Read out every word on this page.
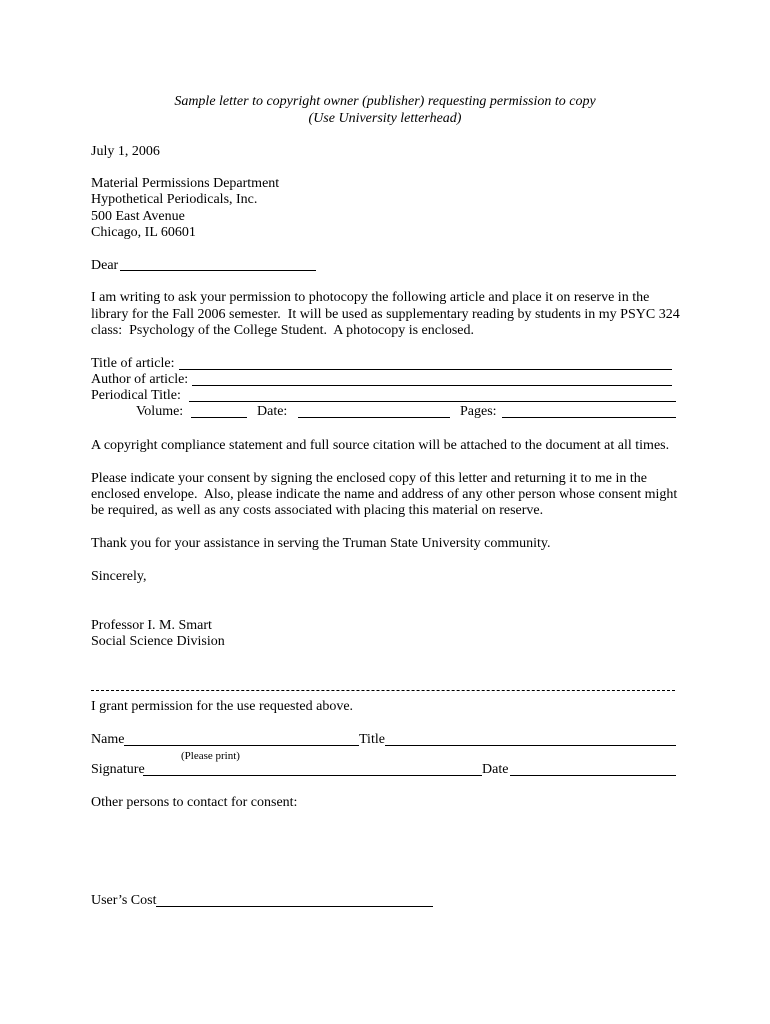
Sample letter to copyright owner (publisher) requesting permission to copy
(Use University letterhead)
July 1, 2006
Material Permissions Department
Hypothetical Periodicals, Inc.
500 East Avenue
Chicago, IL 60601
Dear
I am writing to ask your permission to photocopy the following article and place it on reserve in the
library for the Fall 2006 semester.  It will be used as supplementary reading by students in my PSYC 324
class:  Psychology of the College Student.  A photocopy is enclosed.
Title of article:
Author of article:
Periodical Title:
Volume:	Date:	Pages:
A copyright compliance statement and full source citation will be attached to the document at all times.
Please indicate your consent by signing the enclosed copy of this letter and returning it to me in the
enclosed envelope.  Also, please indicate the name and address of any other person whose consent might
be required, as well as any costs associated with placing this material on reserve.
Thank you for your assistance in serving the Truman State University community.
Sincerely,
Professor I. M. Smart
Social Science Division
I grant permission for the use requested above.
Name	Title
(Please print)
Signature	Date
Other persons to contact for consent:
User’s Cost
